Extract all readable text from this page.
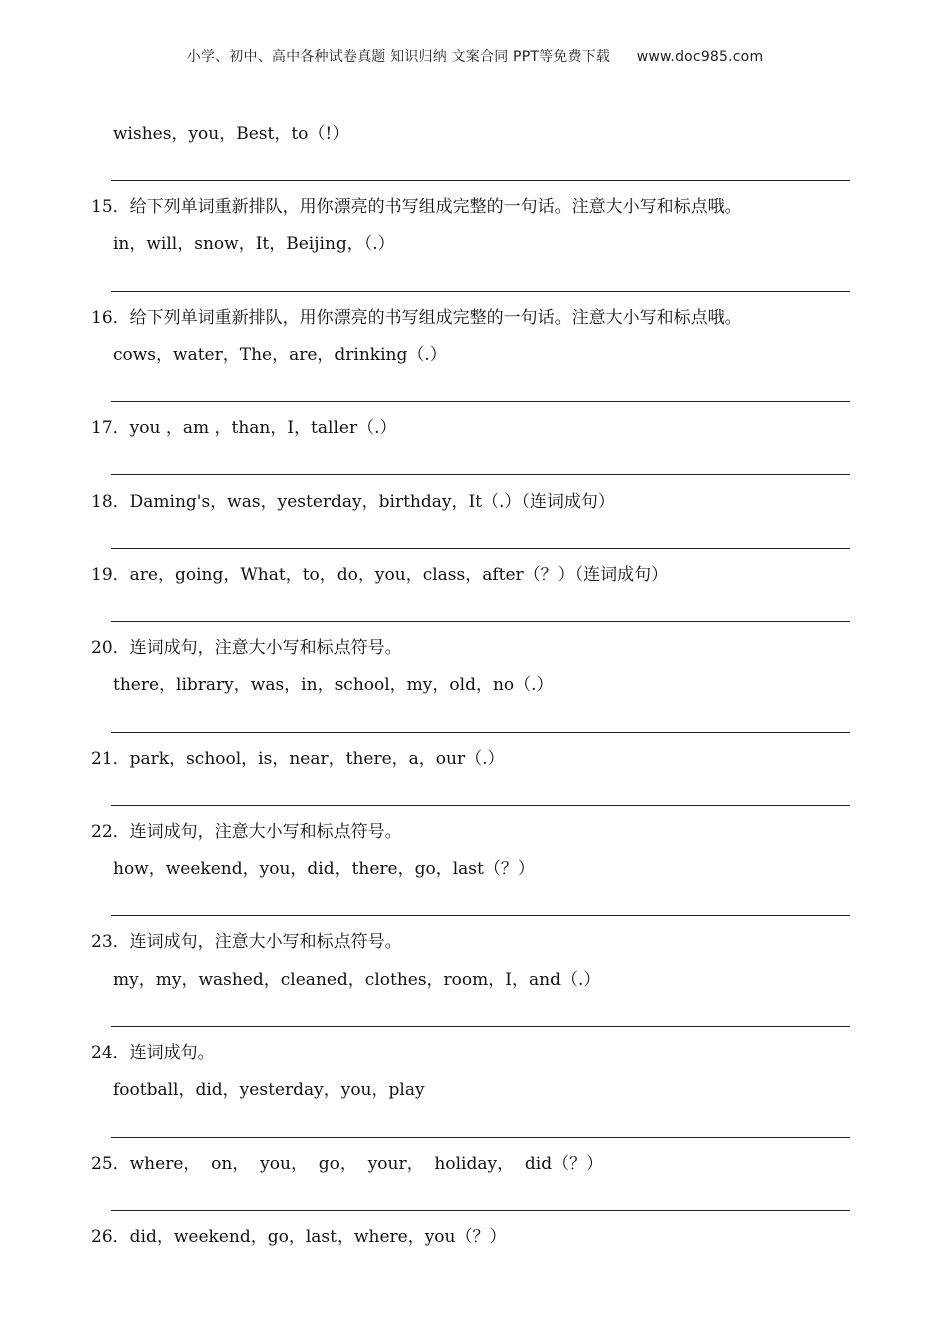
小学、初中、高中各种试卷真题 知识归纳 文案合同 PPT等免费下载 www.doc985.com
wishes，you，Best，to（!）
15．给下列单词重新排队，用你漂亮的书写组成完整的一句话。注意大小写和标点哦。
in，will，snow，It，Beijing，（.）
16．给下列单词重新排队，用你漂亮的书写组成完整的一句话。注意大小写和标点哦。
cows，water，The，are，drinking（.）
17．you ，am ，than，I，taller（.）
18．Daming's，was，yesterday，birthday，It（.）（连词成句）
19．are，going，What，to，do，you，class，after（？）（连词成句）
20．连词成句，注意大小写和标点符号。
there，library，was，in，school，my，old，no（.）
21．park，school，is，near，there，a，our（.）
22．连词成句，注意大小写和标点符号。
how，weekend，you，did，there，go，last（？）
23．连词成句，注意大小写和标点符号。
my，my，washed，cleaned，clothes，room，I，and（.）
24．连词成句。
football，did，yesterday，you，play
25．where，  on，  you，  go，  your，  holiday，  did（？）
26．did，weekend，go，last，where，you（？）
